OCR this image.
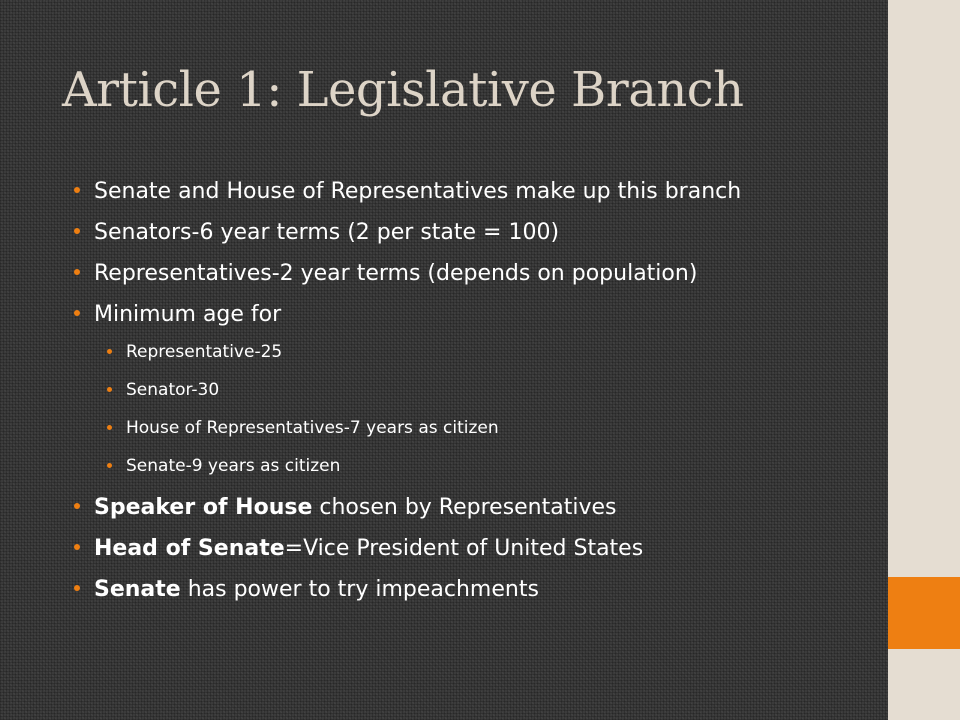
Article 1: Legislative Branch
Senate and House of Representatives make up this branch
Senators-6 year terms (2 per state = 100)
Representatives-2 year terms (depends on population)
Minimum age for
Representative-25
Senator-30
House of Representatives-7 years as citizen
Senate-9 years as citizen
Speaker of House chosen by Representatives
Head of Senate=Vice President of United States
Senate has power to try impeachments
